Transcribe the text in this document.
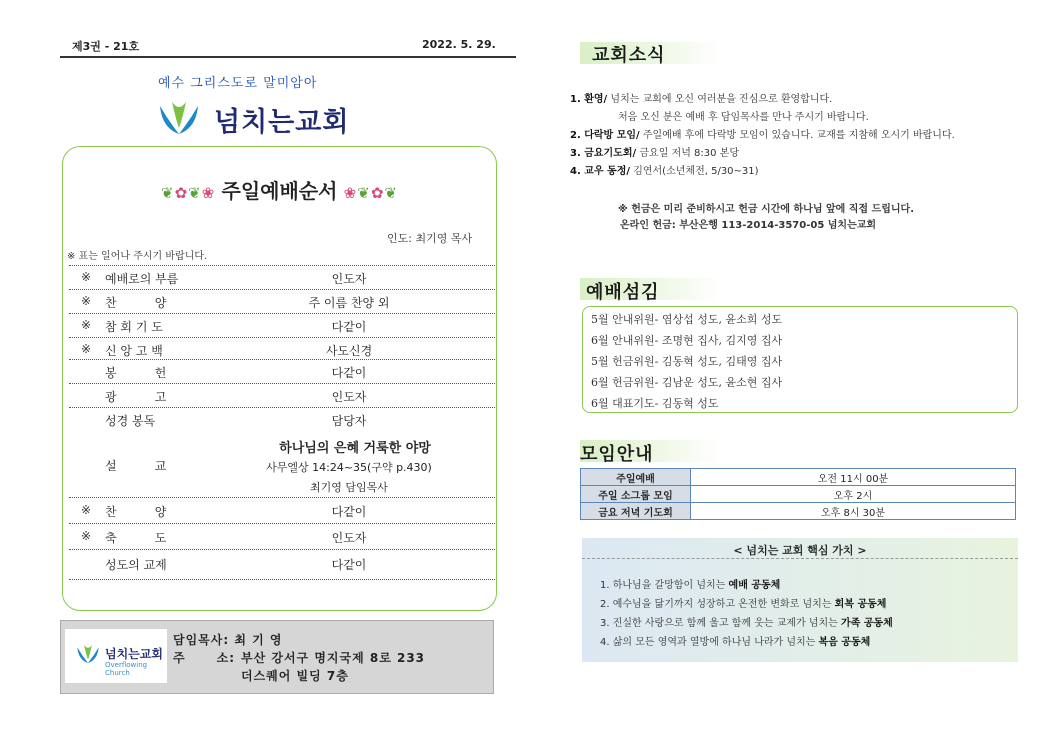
제3권 - 21호	2022. 5. 29.
예수 그리스도로 말미암아
넘치는교회
❦✿❦❀ 주일예배순서 ❀❦✿❦
인도: 최기영 목사
※ 표는 일어나 주시기 바랍니다.
※ 예배로의 부름	인도자
※ 찬          양	주 이름 찬양 외
※ 참 회 기 도	다같이
※ 신 앙 고 백	사도신경
봉          헌	다같이
광          고	인도자
성경 봉독	담당자
하나님의 은혜 거룩한 야망
설          교	사무엘상 14:24~35(구약 p.430)
최기영 담임목사
※ 찬          양	다같이
※ 축          도	인도자
성도의 교제	다같이
넘치는교회
Overflowing Church
담임목사: 최 기 영
주      소: 부산 강서구 명지국제 8로 233
더스퀘어 빌딩 7층
교회소식
1. 환영/ 넘치는 교회에 오신 여러분을 진심으로 환영합니다.
처음 오신 분은 예배 후 담임목사를 만나 주시기 바랍니다.
2. 다락방 모임/ 주일예배 후에 다락방 모임이 있습니다. 교재를 지참해 오시기 바랍니다.
3. 금요기도회/ 금요일 저녁 8:30 본당
4. 교우 동정/ 김연서(소년체전, 5/30~31)
※ 헌금은 미리 준비하시고 헌금 시간에 하나님 앞에 직접 드립니다.
온라인 헌금: 부산은행 113-2014-3570-05 넘치는교회
예배섬김
5월 안내위원- 염상섭 성도, 윤소희 성도
6월 안내위원- 조명현 집사, 김지영 집사
5월 헌금위원- 김동혁 성도, 김태영 집사
6월 헌금위원- 김남운 성도, 윤소현 집사
6월 대표기도- 김동혁 성도
모임안내
주일예배	오전 11시 00분
주일 소그룹 모임	오후 2시
금요 저녁 기도회	오후 8시 30분
< 넘치는 교회 핵심 가치 >
1. 하나님을 갈망함이 넘치는 예배 공동체
2. 예수님을 닮기까지 성장하고 온전한 변화로 넘치는 회복 공동체
3. 진실한 사랑으로 함께 울고 함께 웃는 교제가 넘치는 가족 공동체
4. 삶의 모든 영역과 열방에 하나님 나라가 넘치는 복음 공동체
